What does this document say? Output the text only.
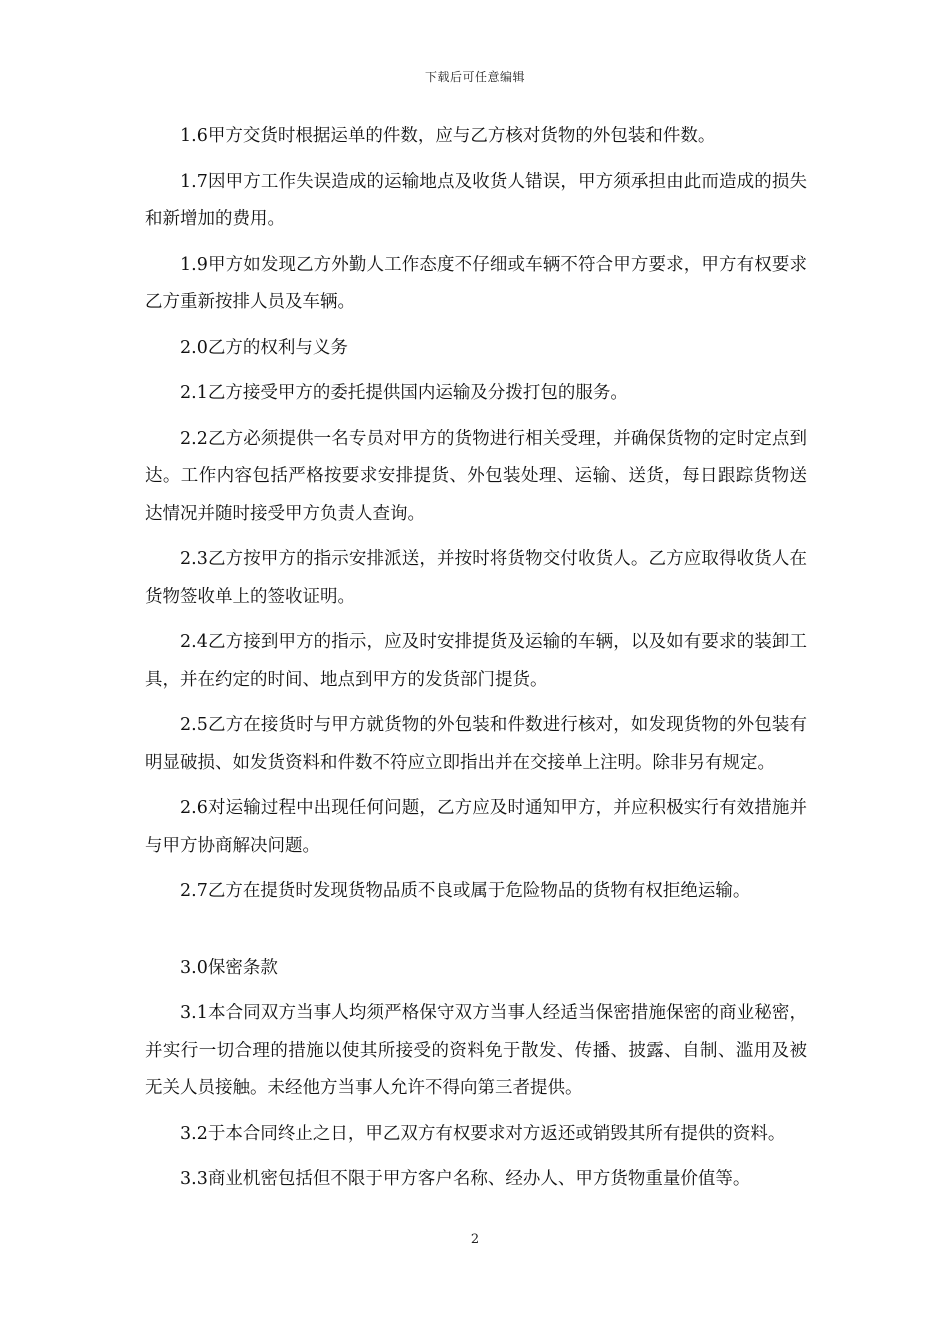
下载后可任意编辑

1.6甲方交货时根据运单的件数，应与乙方核对货物的外包装和件数。

1.7因甲方工作失误造成的运输地点及收货人错误，甲方须承担由此而造成的损失和新增加的费用。

1.9甲方如发现乙方外勤人工作态度不仔细或车辆不符合甲方要求，甲方有权要求乙方重新按排人员及车辆。

2.0乙方的权利与义务

2.1乙方接受甲方的委托提供国内运输及分拨打包的服务。

2.2乙方必须提供一名专员对甲方的货物进行相关受理，并确保货物的定时定点到达。工作内容包括严格按要求安排提货、外包装处理、运输、送货，每日跟踪货物送达情况并随时接受甲方负责人查询。

2.3乙方按甲方的指示安排派送，并按时将货物交付收货人。乙方应取得收货人在货物签收单上的签收证明。

2.4乙方接到甲方的指示，应及时安排提货及运输的车辆，以及如有要求的装卸工具，并在约定的时间、地点到甲方的发货部门提货。

2.5乙方在接货时与甲方就货物的外包装和件数进行核对，如发现货物的外包装有明显破损、如发货资料和件数不符应立即指出并在交接单上注明。除非另有规定。

2.6对运输过程中出现任何问题，乙方应及时通知甲方，并应积极实行有效措施并与甲方协商解决问题。

2.7乙方在提货时发现货物品质不良或属于危险物品的货物有权拒绝运输。

3.0保密条款

3.1本合同双方当事人均须严格保守双方当事人经适当保密措施保密的商业秘密，并实行一切合理的措施以使其所接受的资料免于散发、传播、披露、自制、滥用及被无关人员接触。未经他方当事人允许不得向第三者提供。

3.2于本合同终止之日，甲乙双方有权要求对方返还或销毁其所有提供的资料。

3.3商业机密包括但不限于甲方客户名称、经办人、甲方货物重量价值等。

2
